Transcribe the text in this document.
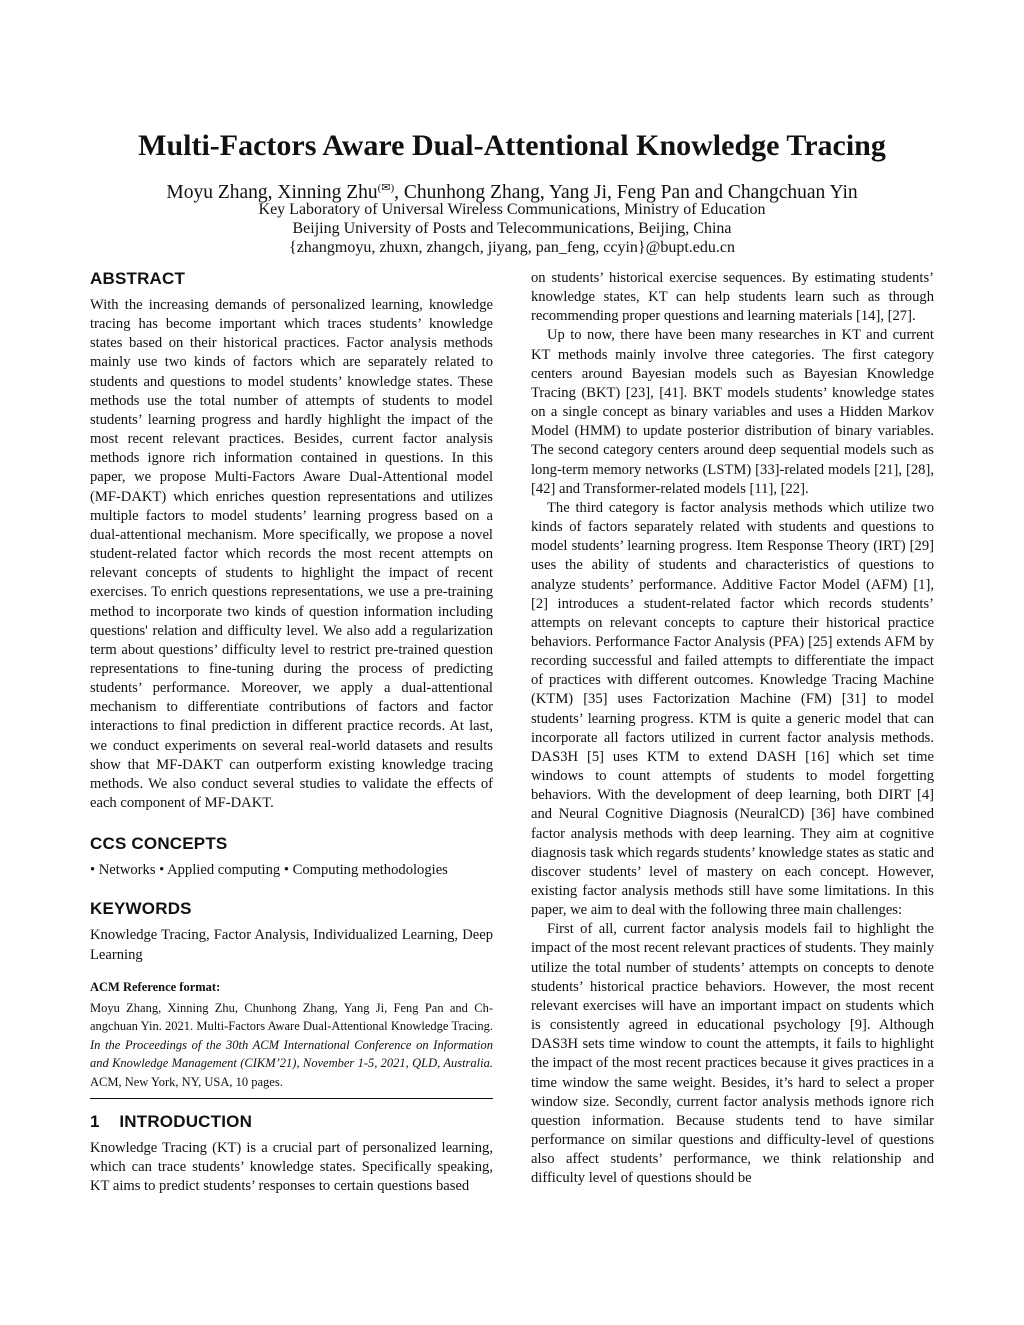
Multi-Factors Aware Dual-Attentional Knowledge Tracing
Moyu Zhang, Xinning Zhu(✉), Chunhong Zhang, Yang Ji, Feng Pan and Changchuan Yin
Key Laboratory of Universal Wireless Communications, Ministry of Education
Beijing University of Posts and Telecommunications, Beijing, China
{zhangmoyu, zhuxn, zhangch, jiyang, pan_feng, ccyin}@bupt.edu.cn
ABSTRACT

With the increasing demands of personalized learning, knowledge tracing has become important which traces students’ knowledge states based on their historical practices. Factor analysis methods mainly use two kinds of factors which are separately related to students and questions to model students’ knowledge states. These methods use the total number of attempts of students to model students’ learning progress and hardly highlight the impact of the most recent relevant practices. Besides, current factor analysis methods ignore rich information contained in questions. In this paper, we propose Multi-Factors Aware Dual-Attentional model (MF-DAKT) which enriches question representations and utilizes multiple factors to model students’ learning progress based on a dual-attentional mechanism. More specifically, we propose a novel student-related factor which records the most recent attempts on relevant concepts of students to highlight the impact of recent exercises. To enrich questions representations, we use a pre-training method to incorporate two kinds of question information including questions' relation and difficulty level. We also add a regularization term about questions’ difficulty level to restrict pre-trained question representations to fine-tuning during the process of predicting students’ performance. Moreover, we apply a dual-attentional mechanism to differentiate contributions of factors and factor interactions to final prediction in different practice records. At last, we conduct experiments on several real-world datasets and results show that MF-DAKT can outperform existing knowledge tracing methods. We also conduct several studies to validate the effects of each component of MF-DAKT.

CCS CONCEPTS

• Networks • Applied computing • Computing methodologies

KEYWORDS

Knowledge Tracing, Factor Analysis, Individualized Learning, Deep Learning

ACM Reference format:

Moyu Zhang, Xinning Zhu, Chunhong Zhang, Yang Ji, Feng Pan and Ch-angchuan Yin. 2021. Multi-Factors Aware Dual-Attentional Knowledge Tracing. In the Proceedings of the 30th ACM International Conference on Information and Knowledge Management (CIKM’21), November 1-5, 2021, QLD, Australia. ACM, New York, NY, USA, 10 pages.

1    INTRODUCTION

Knowledge Tracing (KT) is a crucial part of personalized learning, which can trace students’ knowledge states. Specifically speaking, KT aims to predict students’ responses to certain questions based

on students’ historical exercise sequences. By estimating students’ knowledge states, KT can help students learn such as through recommending proper questions and learning materials [14], [27].

Up to now, there have been many researches in KT and current KT methods mainly involve three categories. The first category centers around Bayesian models such as Bayesian Knowledge Tracing (BKT) [23], [41]. BKT models students’ knowledge states on a single concept as binary variables and uses a Hidden Markov Model (HMM) to update posterior distribution of binary variables. The second category centers around deep sequential models such as long-term memory networks (LSTM) [33]-related models [21], [28], [42] and Transformer-related models [11], [22].

The third category is factor analysis methods which utilize two kinds of factors separately related with students and questions to model students’ learning progress. Item Response Theory (IRT) [29] uses the ability of students and characteristics of questions to analyze students’ performance. Additive Factor Model (AFM) [1], [2] introduces a student-related factor which records students’ attempts on relevant concepts to capture their historical practice behaviors. Performance Factor Analysis (PFA) [25] extends AFM by recording successful and failed attempts to differentiate the impact of practices with different outcomes. Knowledge Tracing Machine (KTM) [35] uses Factorization Machine (FM) [31] to model students’ learning progress. KTM is quite a generic model that can incorporate all factors utilized in current factor analysis methods. DAS3H [5] uses KTM to extend DASH [16] which set time windows to count attempts of students to model forgetting behaviors. With the development of deep learning, both DIRT [4] and Neural Cognitive Diagnosis (NeuralCD) [36] have combined factor analysis methods with deep learning. They aim at cognitive diagnosis task which regards students’ knowledge states as static and discover students’ level of mastery on each concept. However, existing factor analysis methods still have some limitations. In this paper, we aim to deal with the following three main challenges:

First of all, current factor analysis models fail to highlight the impact of the most recent relevant practices of students. They mainly utilize the total number of students’ attempts on concepts to denote students’ historical practice behaviors. However, the most recent relevant exercises will have an important impact on students which is consistently agreed in educational psychology [9]. Although DAS3H sets time window to count the attempts, it fails to highlight the impact of the most recent practices because it gives practices in a time window the same weight. Besides, it’s hard to select a proper window size. Secondly, current factor analysis methods ignore rich question information. Because students tend to have similar performance on similar questions and difficulty-level of questions also affect students’ performance, we think relationship and difficulty level of questions should be
